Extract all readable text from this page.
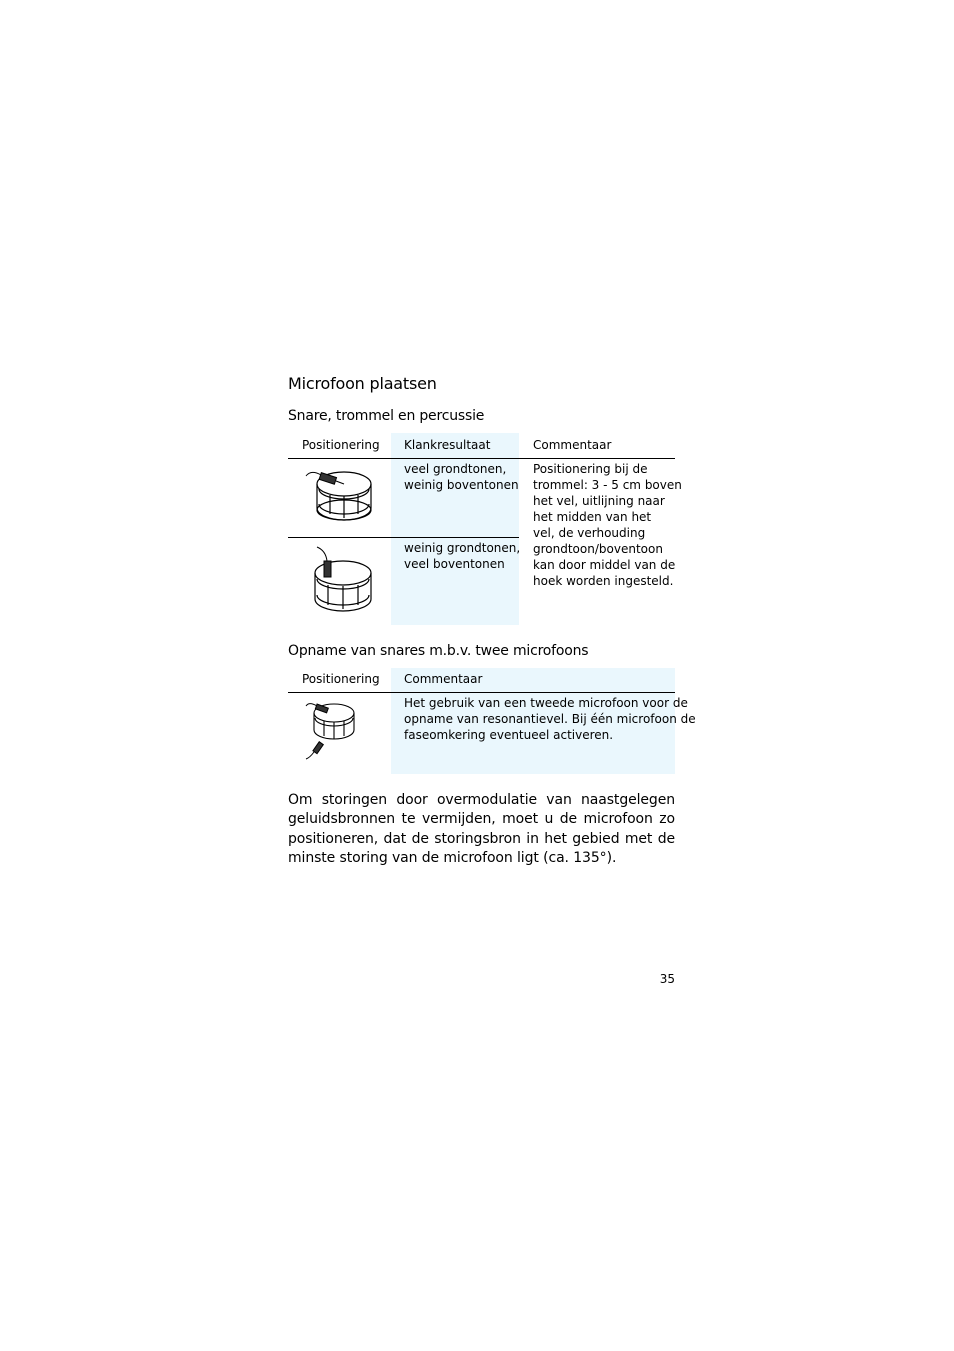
Microfoon plaatsen
Snare, trommel en percussie
Positionering Klankresultaat	Commentaar
veel grondtonen,
weinig boventonen
weinig grondtonen,
veel boventonen
Positionering bij de
trommel: 3 - 5 cm boven
het vel, uitlijning naar
het midden van het
vel, de verhouding
grondtoon/boventoon
kan door middel van de
hoek worden ingesteld.
Opname van snares m.b.v. twee microfoons
Positionering Commentaar
Het gebruik van een tweede microfoon voor de
opname van resonantievel. Bij één microfoon de
faseomkering eventueel activeren.
Om storingen door overmodulatie van naastgelegen geluidsbronnen te vermijden, moet u de microfoon zo positioneren, dat de storingsbron in het gebied met de minste storing van de microfoon ligt (ca. 135°).
35
